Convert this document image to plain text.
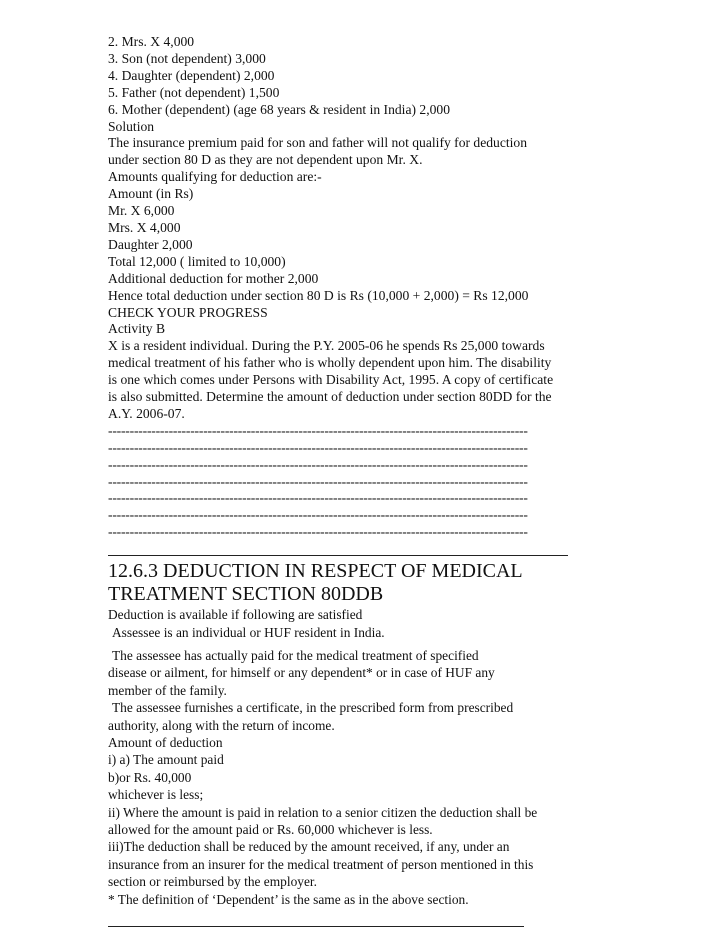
2. Mrs. X 4,000
3. Son (not dependent) 3,000
4. Daughter (dependent) 2,000
5. Father (not dependent) 1,500
6. Mother (dependent) (age 68 years & resident in India) 2,000
Solution
The insurance premium paid for son and father will not qualify for deduction
under section 80 D as they are not dependent upon Mr. X.
Amounts qualifying for deduction are:-
Amount (in Rs)
Mr. X 6,000
Mrs. X 4,000
Daughter 2,000
Total 12,000 ( limited to 10,000)
Additional deduction for mother 2,000
Hence total deduction under section 80 D is Rs (10,000 + 2,000) = Rs 12,000
CHECK YOUR PROGRESS
Activity B
X is a resident individual. During the P.Y. 2005-06 he spends Rs 25,000 towards
medical treatment of his father who is wholly dependent upon him. The disability
is one which comes under Persons with Disability Act, 1995. A copy of certificate
is also submitted. Determine the amount of deduction under section 80DD for the
A.Y. 2006-07.
-------------------------------------------------------------------------------------------------
-------------------------------------------------------------------------------------------------
-------------------------------------------------------------------------------------------------
-------------------------------------------------------------------------------------------------
-------------------------------------------------------------------------------------------------
-------------------------------------------------------------------------------------------------
-------------------------------------------------------------------------------------------------
12.6.3 DEDUCTION IN RESPECT OF MEDICAL
TREATMENT SECTION 80DDB
Deduction is available if following are satisfied
Assessee is an individual or HUF resident in India.
The assessee has actually paid for the medical treatment of specified
disease or ailment, for himself or any dependent* or in case of HUF any
member of the family.
The assessee furnishes a certificate, in the prescribed form from prescribed
authority, along with the return of income.
Amount of deduction
i) a) The amount paid
b)or Rs. 40,000
whichever is less;
ii) Where the amount is paid in relation to a senior citizen the deduction shall be
allowed for the amount paid or Rs. 60,000 whichever is less.
iii)The deduction shall be reduced by the amount received, if any, under an
insurance from an insurer for the medical treatment of person mentioned in this
section or reimbursed by the employer.
* The definition of ‘Dependent’ is the same as in the above section.
